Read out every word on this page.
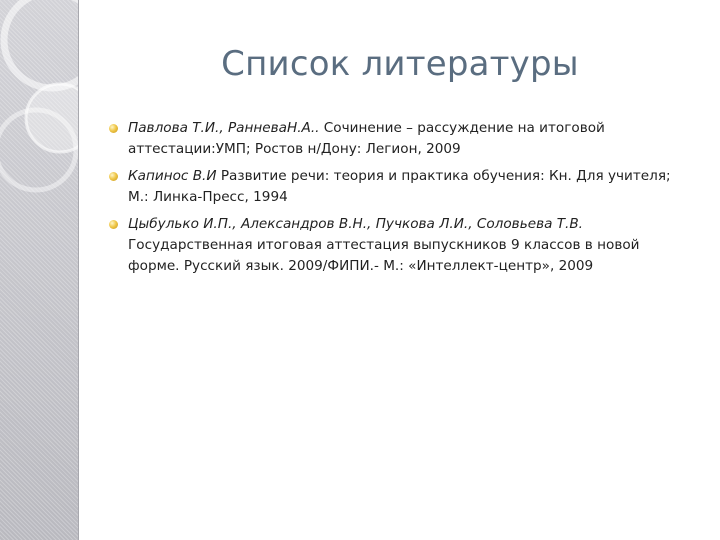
Список литературы
Павлова Т.И., РанневаН.А.. Сочинение – рассуждение на итоговой аттестации:УМП; Ростов н/Дону: Легион, 2009
Капинос В.И Развитие речи: теория и практика обучения: Кн. Для учителя; М.: Линка-Пресс, 1994
Цыбулько И.П., Александров В.Н., Пучкова Л.И., Соловьева Т.В. Государственная итоговая аттестация выпускников 9 классов в новой форме. Русский язык. 2009/ФИПИ.- М.: «Интеллект-центр», 2009
